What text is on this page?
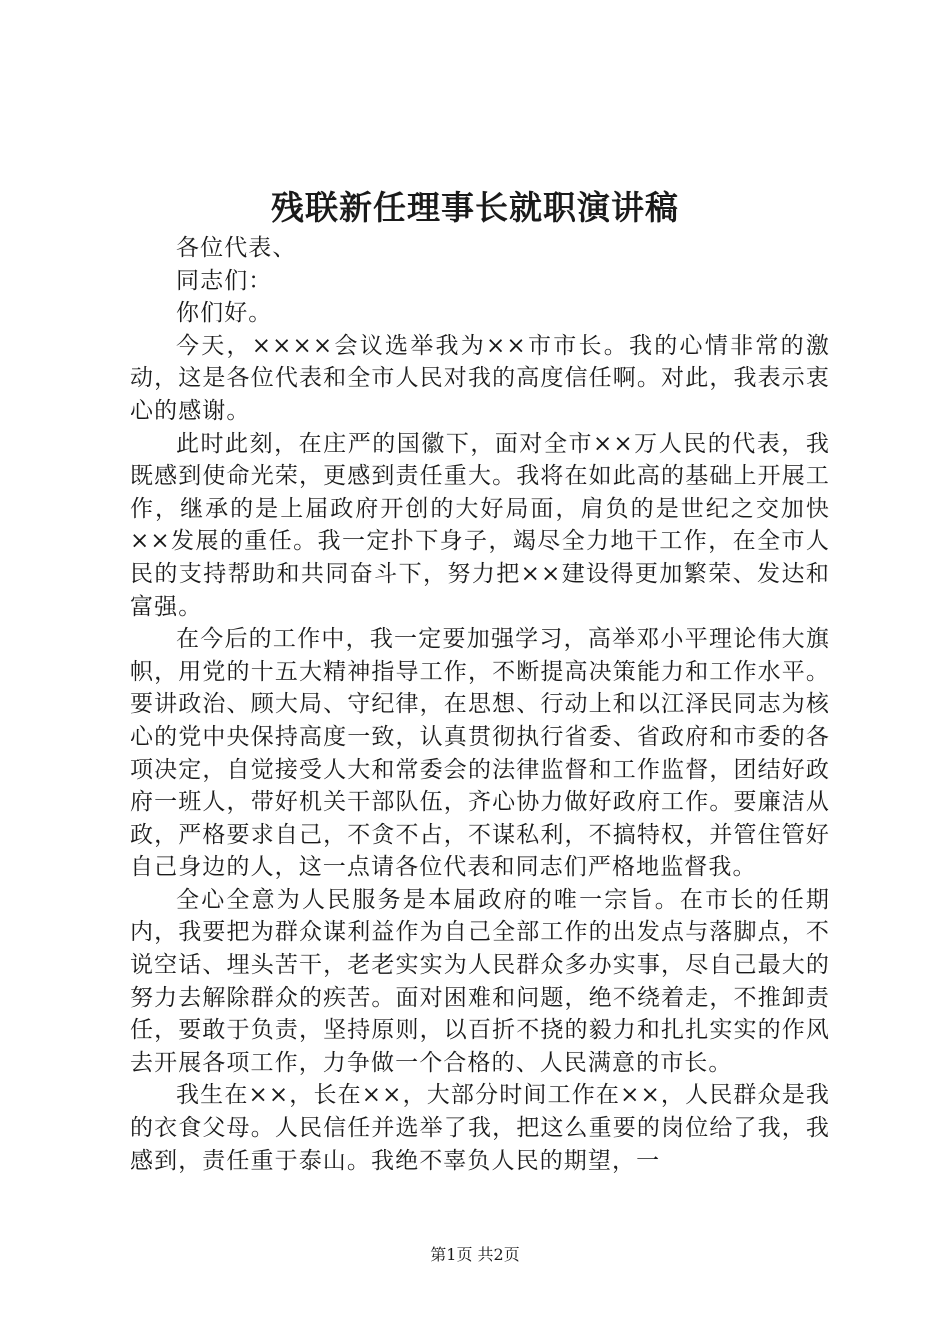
残联新任理事长就职演讲稿

各位代表、

同志们：

你们好。

今天，××××会议选举我为××市市长。我的心情非常的激动，这是各位代表和全市人民对我的高度信任啊。对此，我表示衷心的感谢。

此时此刻，在庄严的国徽下，面对全市××万人民的代表，我既感到使命光荣，更感到责任重大。我将在如此高的基础上开展工作，继承的是上届政府开创的大好局面，肩负的是世纪之交加快××发展的重任。我一定扑下身子，竭尽全力地干工作，在全市人民的支持帮助和共同奋斗下，努力把××建设得更加繁荣、发达和富强。

在今后的工作中，我一定要加强学习，高举邓小平理论伟大旗帜，用党的十五大精神指导工作，不断提高决策能力和工作水平。要讲政治、顾大局、守纪律，在思想、行动上和以江泽民同志为核心的党中央保持高度一致，认真贯彻执行省委、省政府和市委的各项决定，自觉接受人大和常委会的法律监督和工作监督，团结好政府一班人，带好机关干部队伍，齐心协力做好政府工作。要廉洁从政，严格要求自己，不贪不占，不谋私利，不搞特权，并管住管好自己身边的人，这一点请各位代表和同志们严格地监督我。

全心全意为人民服务是本届政府的唯一宗旨。在市长的任期内，我要把为群众谋利益作为自己全部工作的出发点与落脚点，不说空话、埋头苦干，老老实实为人民群众多办实事，尽自己最大的努力去解除群众的疾苦。面对困难和问题，绝不绕着走，不推卸责任，要敢于负责，坚持原则，以百折不挠的毅力和扎扎实实的作风去开展各项工作，力争做一个合格的、人民满意的市长。

我生在××，长在××，大部分时间工作在××，人民群众是我的衣食父母。人民信任并选举了我，把这么重要的岗位给了我，我感到，责任重于泰山。我绝不辜负人民的期望，一

第1页 共2页
